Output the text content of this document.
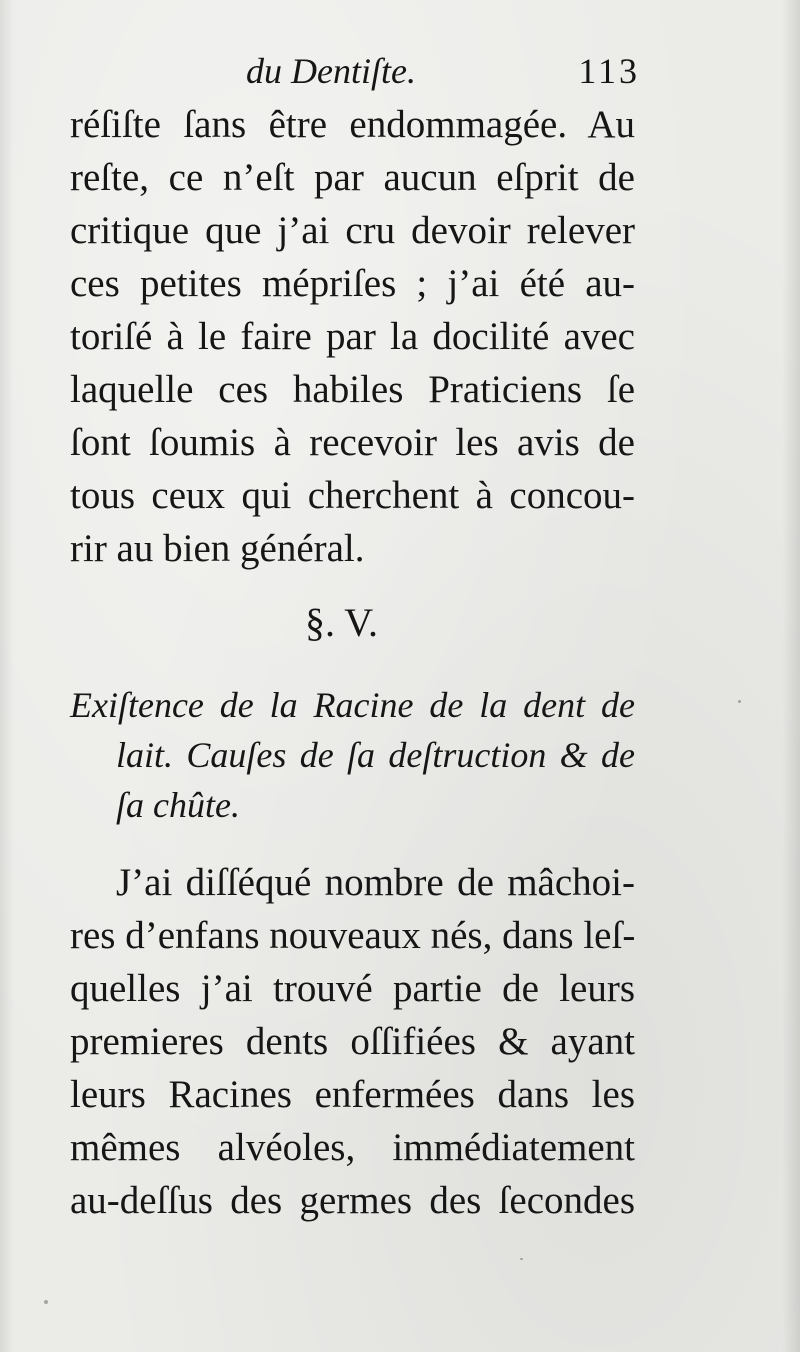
du Dentiſte.	113
réſiſte ſans être endommagée. Au
reſte, ce n’eſt par aucun eſprit de
critique que j’ai cru devoir relever
ces petites mépriſes ; j’ai été au-
toriſé à le faire par la docilité avec
laquelle ces habiles Praticiens ſe
ſont ſoumis à recevoir les avis de
tous ceux qui cherchent à concou-
rir au bien général.
§. V.
Exiſtence de la Racine de la dent de
lait. Cauſes de ſa deſtruction & de
ſa chûte.
J’ai diſſéqué nombre de mâchoi-
res d’enfans nouveaux nés, dans leſ-
quelles j’ai trouvé partie de leurs
premieres dents oſſifiées & ayant
leurs Racines enfermées dans les
mêmes alvéoles, immédiatement
au-deſſus des germes des ſecondes
